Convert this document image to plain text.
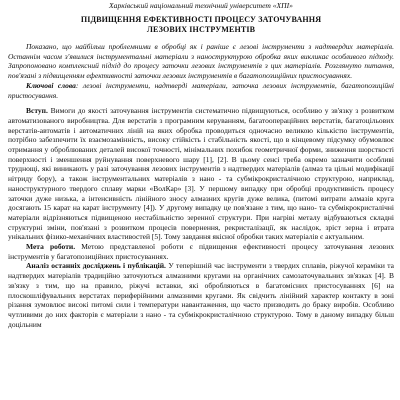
Харківський національний технічний університет «ХПІ»
ПІДВИЩЕННЯ ЕФЕКТИВНОСТІ ПРОЦЕСУ ЗАТОЧУВАННЯ
ЛЕЗОВИХ ІНСТРУМЕНТІВ

Показано, що найбільш проблемними в обробці як і раніше є лезові інструменти з надтвердих матеріалів. Останнім часом з'явилися інструментальні матеріали з нанoструктурою обробка яких викликає особливого підходу. Запропоновано комплексний підхід до процесу заточки лезових інструментів з цих матеріалів. Розглянуто питання, пов'язані з підвищенням ефективності заточки лезових інструментів в багатопозиційних пристосуваннях.

Ключові слова: лезові інструменти, надтверді матеріали, заточка лезових інструментів, багатопозиційні пристосування.

Вступ. Вимоги до якості заточування інструментів систематично підвищуються, особливо у зв'язку з розвитком автоматизованого виробництва. Для верстатів з програмним керуванням, багатоопераційних верстатів, багатоцільових верстатів-автоматів і автоматичних ліній на яких обробка проводиться одночасно великою кількістю інструментів, потрібно забезпечити їх взаємозамінність, високу стійкість і стабільність якості, що в кінцевому підсумку обумовлює отримання у оброблюваних деталей високої точності, мінімальних похибок геометричної форми, зниження шорсткості поверхності і зменшення руйнування поверхневого шару [1], [2]. В цьому сенсі треба окремо зазначити особливі труднощі, які виникають у разі заточування лезових інструментів з надтвердих матеріалів (алмаз та цільні модифікації нітриду бору), а також інструментальних матеріалів з нано - та субмікрокристалічною структурою, наприклад, нанoструктурного твердого сплаву марки «ВолКар» [3]. У першому випадку при обробці продуктивність процесу заточки дуже низька, а інтенсивність лінійного зносу алмазних кругів дуже велика, (питомі витрати алмазів круга досягають 15 карат на карат інструменту [4]). У другому випадку це пов'язане з тим, що нано- та субмікрокристалічні матеріали відрізняються підвищеною нестабільністю зеренної структури. При нагріві металу відбуваються складні структурні зміни, пов'язані з розвитком процесів повернення, рекристалізації, як наслідок, зріст зерна і втрата унікальних фізико-механічних властивостей [5]. Тому завдання якісної обробки таких матеріалів є актуальним.

Мета роботи. Метою представленої роботи є підвищення ефективності процесу заточування лезових інструментів у багатопозиційних пристосуваннях.

Аналіз останніх досліджень і публікацій. У теперішній час інструменти з твердих сплавів, ріжучої кераміки та надтвердих матеріалів традиційно заточуються алмазними кругами на органічних самозаточувальних зв'язках [4]. В зв'язку з тим, що на правило, ріжучі вставки, які обробляються в багатомісних пристосуваннях [6] на плоскошліфувальних верстатах периферійними алмазними кругами. Як свідчить лінійний характер контакту в зоні різання зумовлює високі питомі сили і температури навантаження, що часто призводить до браку виробів. Особливо чутливими до них факторів є матеріали з нано - та субмікрокристалічною структурою. Тому в даному випадку більш доцільним
